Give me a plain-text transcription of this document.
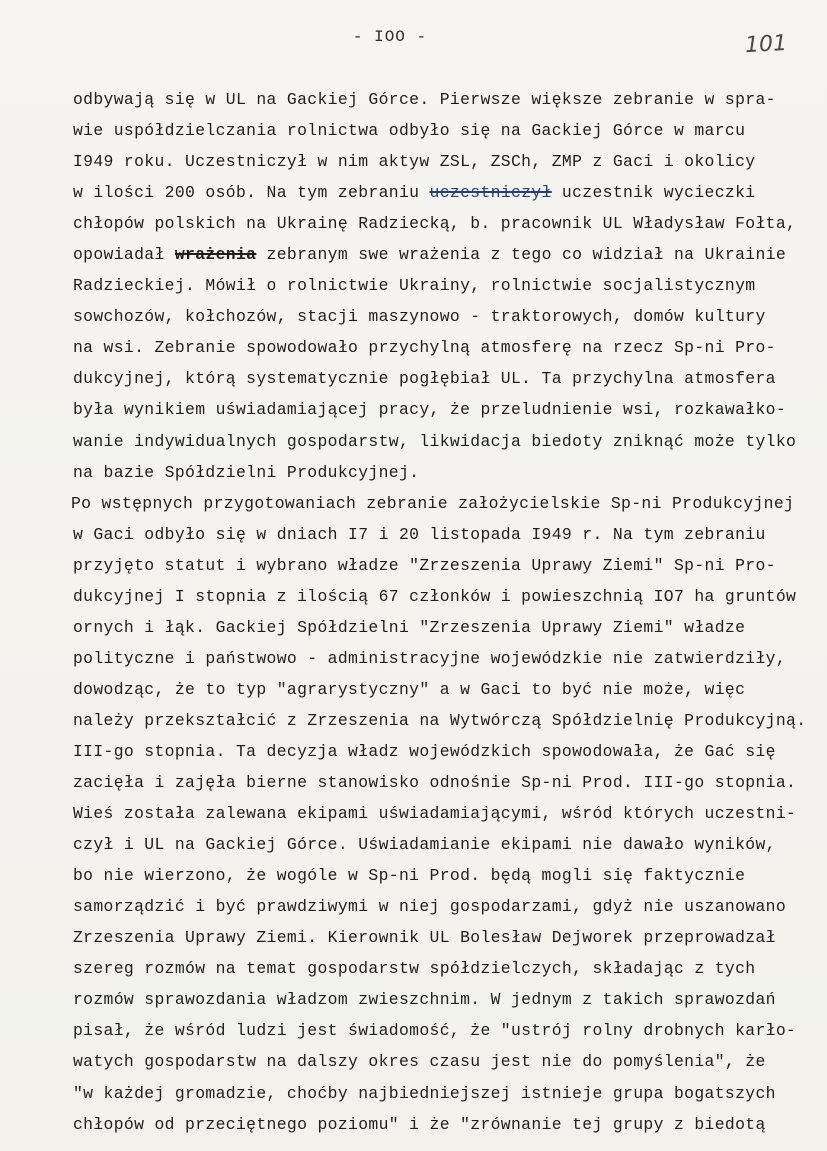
- IOO -	101
odbywają się w UL na Gackiej Górce. Pierwsze większe zebranie w spra-
wie uspółdzielczania rolnictwa odbyło się na Gackiej Górce w marcu
I949 roku. Uczestniczył w nim aktyw ZSL, ZSCh, ZMP z Gaci i okolicy
w ilości 200 osób. Na tym zebraniu uczestniczył uczestnik wycieczki
chłopów polskich na Ukrainę Radziecką, b. pracownik UL Władysław Fołta,
opowiadał wrażenia zebranym swe wrażenia z tego co widział na Ukrainie
Radzieckiej. Mówił o rolnictwie Ukrainy, rolnictwie socjalistycznym
sowchozów, kołchozów, stacji maszynowo - traktorowych, domów kultury
na wsi. Zebranie spowodowało przychylną atmosferę na rzecz Sp-ni Pro-
dukcyjnej, którą systematycznie pogłębiał UL. Ta przychylna atmosfera
była wynikiem uświadamiającej pracy, że przeludnienie wsi, rozkawałko-
wanie indywidualnych gospodarstw, likwidacja biedoty zniknąć może tylko
na bazie Spółdzielni Produkcyjnej.
Po wstępnych przygotowaniach zebranie założycielskie Sp-ni Produkcyjnej
w Gaci odbyło się w dniach I7 i 20 listopada I949 r. Na tym zebraniu
przyjęto statut i wybrano władze "Zrzeszenia Uprawy Ziemi" Sp-ni Pro-
dukcyjnej I stopnia z ilością 67 członków i powieszchnią IO7 ha gruntów
ornych i łąk. Gackiej Spółdzielni "Zrzeszenia Uprawy Ziemi" władze
polityczne i państwowo - administracyjne wojewódzkie nie zatwierdziły,
dowodząc, że to typ "agrarystyczny" a w Gaci to być nie może, więc
należy przekształcić z Zrzeszenia na Wytwórczą Spółdzielnię Produkcyjną.
III-go stopnia. Ta decyzja władz wojewódzkich spowodowała, że Gać się
zacięła i zajęła bierne stanowisko odnośnie Sp-ni Prod. III-go stopnia.
Wieś została zalewana ekipami uświadamiającymi, wśród których uczestni-
czył i UL na Gackiej Górce. Uświadamianie ekipami nie dawało wyników,
bo nie wierzono, że wogóle w Sp-ni Prod. będą mogli się faktycznie
samorządzić i być prawdziwymi w niej gospodarzami, gdyż nie uszanowano
Zrzeszenia Uprawy Ziemi. Kierownik UL Bolesław Dejworek przeprowadzał
szereg rozmów na temat gospodarstw spółdzielczych, składając z tych
rozmów sprawozdania władzom zwieszchnim. W jednym z takich sprawozdań
pisał, że wśród ludzi jest świadomość, że "ustrój rolny drobnych karło-
watych gospodarstw na dalszy okres czasu jest nie do pomyślenia", że
"w każdej gromadzie, choćby najbiedniejszej istnieje grupa bogatszych
chłopów od przeciętnego poziomu" i że "zrównanie tej grupy z biedotą
